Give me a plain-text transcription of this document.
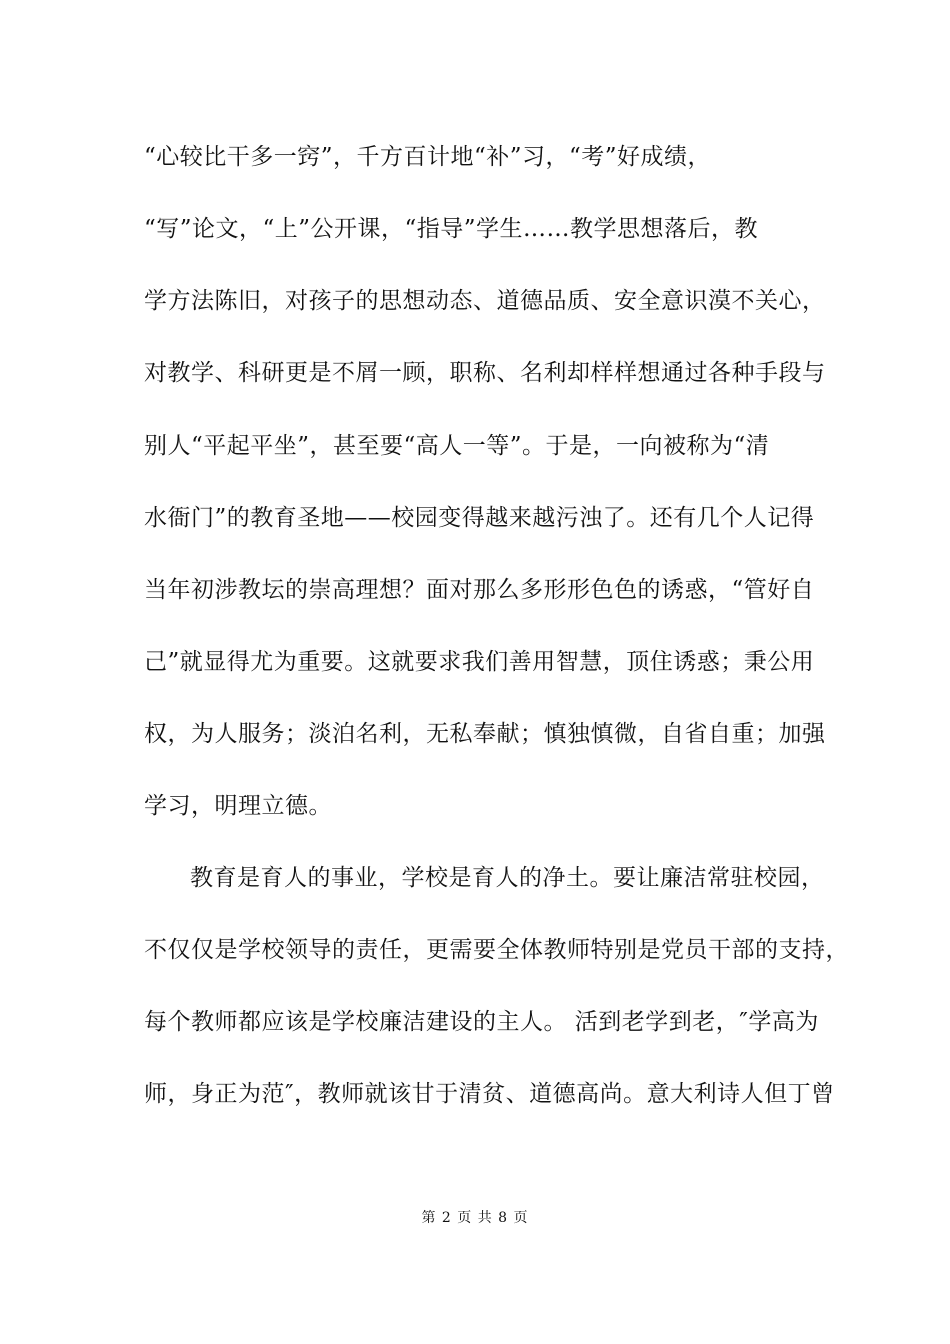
“心较比干多一窍”，千方百计地“补”习，“考”好成绩，
“写”论文，“上”公开课，“指导”学生……教学思想落后，教
学方法陈旧，对孩子的思想动态、道德品质、安全意识漠不关心，
对教学、科研更是不屑一顾，职称、名利却样样想通过各种手段与
别人“平起平坐”，甚至要“高人一等”。于是，一向被称为“清
水衙门”的教育圣地——校园变得越来越污浊了。还有几个人记得
当年初涉教坛的崇高理想？面对那么多形形色色的诱惑，“管好自
己”就显得尤为重要。这就要求我们善用智慧，顶住诱惑；秉公用
权，为人服务；淡泊名利，无私奉献；慎独慎微，自省自重；加强
学习，明理立德。
教育是育人的事业，学校是育人的净土。要让廉洁常驻校园，
不仅仅是学校领导的责任，更需要全体教师特别是党员干部的支持，
每个教师都应该是学校廉洁建设的主人。 活到老学到老，″学高为
师，身正为范″，教师就该甘于清贫、道德高尚。意大利诗人但丁曾
第 2 页 共 8 页
